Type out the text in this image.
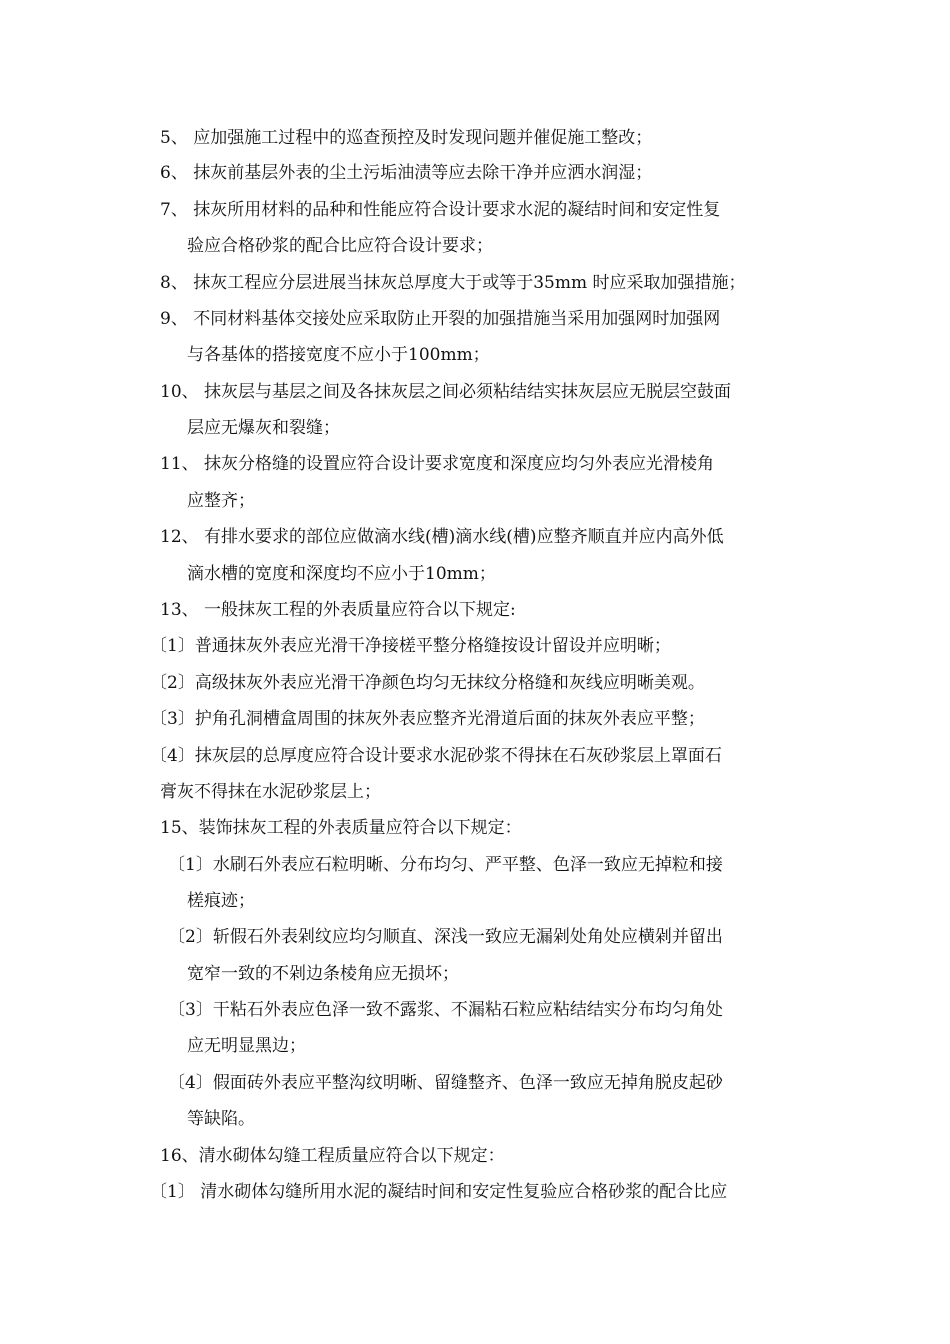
5、 应加强施工过程中的巡查预控及时发现问题并催促施工整改；
6、 抹灰前基层外表的尘土污垢油渍等应去除干净并应洒水润湿；
7、 抹灰所用材料的品种和性能应符合设计要求水泥的凝结时间和安定性复
验应合格砂浆的配合比应符合设计要求；
8、 抹灰工程应分层进展当抹灰总厚度大于或等于35mm 时应采取加强措施；
9、 不同材料基体交接处应采取防止开裂的加强措施当采用加强网时加强网
与各基体的搭接宽度不应小于100mm；
10、 抹灰层与基层之间及各抹灰层之间必须粘结结实抹灰层应无脱层空鼓面
层应无爆灰和裂缝；
11、 抹灰分格缝的设置应符合设计要求宽度和深度应均匀外表应光滑棱角
应整齐；
12、 有排水要求的部位应做滴水线(槽)滴水线(槽)应整齐顺直并应内高外低
滴水槽的宽度和深度均不应小于10mm；
13、 一般抹灰工程的外表质量应符合以下规定:
〔1〕普通抹灰外表应光滑干净接槎平整分格缝按设计留设并应明晰；
〔2〕高级抹灰外表应光滑干净颜色均匀无抹纹分格缝和灰线应明晰美观。
〔3〕护角孔洞槽盒周围的抹灰外表应整齐光滑道后面的抹灰外表应平整；
〔4〕抹灰层的总厚度应符合设计要求水泥砂浆不得抹在石灰砂浆层上罩面石
膏灰不得抹在水泥砂浆层上；
15、装饰抹灰工程的外表质量应符合以下规定：
〔1〕水刷石外表应石粒明晰、分布均匀、严平整、色泽一致应无掉粒和接
槎痕迹；
〔2〕斩假石外表剁纹应均匀顺直、深浅一致应无漏剁处角处应横剁并留出
宽窄一致的不剁边条棱角应无损坏；
〔3〕干粘石外表应色泽一致不露浆、不漏粘石粒应粘结结实分布均匀角处
应无明显黑边；
〔4〕假面砖外表应平整沟纹明晰、留缝整齐、色泽一致应无掉角脱皮起砂
等缺陷。
16、清水砌体勾缝工程质量应符合以下规定：
〔1〕 清水砌体勾缝所用水泥的凝结时间和安定性复验应合格砂浆的配合比应
